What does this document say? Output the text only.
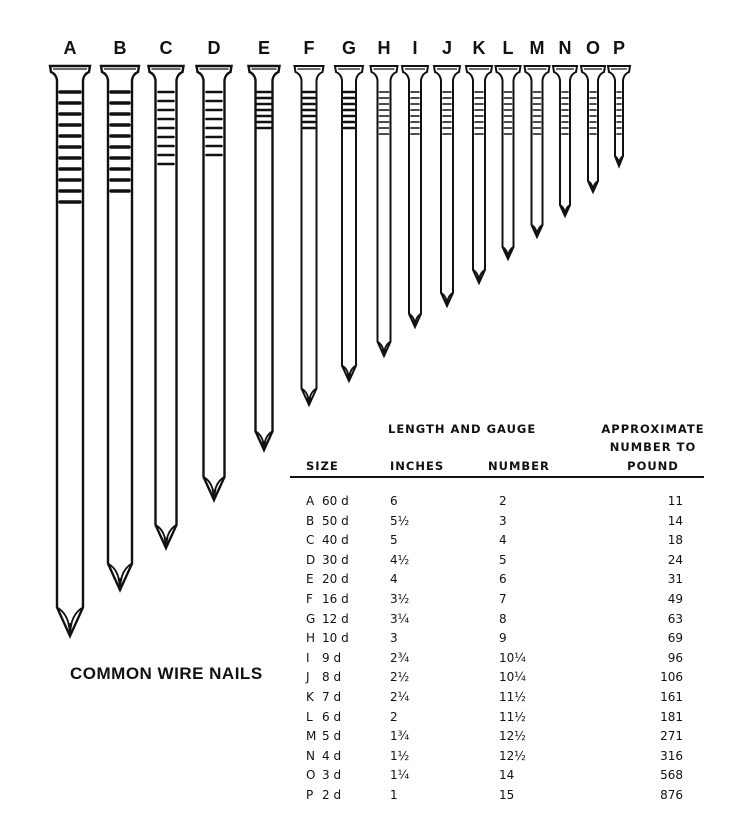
A B C D E F G H I J K L M N O P
COMMON WIRE NAILS
LENGTH AND GAUGE	APPROXIMATE
NUMBER TO
SIZE	INCHES	NUMBER	POUND
A 60 d	6	2	11
B 50 d	5½	3	14
C 40 d	5	4	18
D 30 d	4½	5	24
E 20 d	4	6	31
F 16 d	3½	7	49
G 12 d	3¼	8	63
H 10 d	3	9	69
I 9 d	2¾	10¼	96
J 8 d	2½	10¼	106
K 7 d	2¼	11½	161
L 6 d	2	11½	181
M 5 d	1¾	12½	271
N 4 d	1½	12½	316
O 3 d	1¼	14	568
P 2 d	1	15	876
